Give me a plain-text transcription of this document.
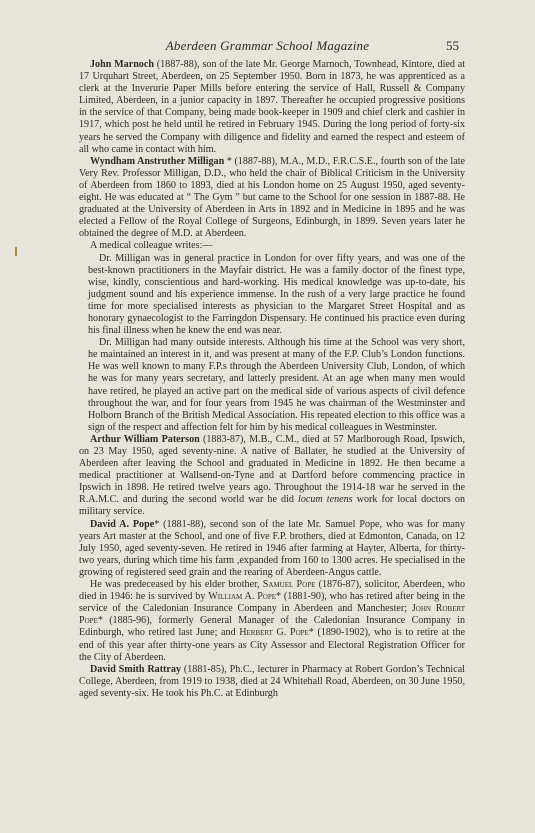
Aberdeen Grammar School Magazine	55

John Marnoch (1887-88), son of the late Mr. George Marnoch, Townhead, Kintore, died at 17 Urquhart Street, Aberdeen, on 25 September 1950. Born in 1873, he was apprenticed as a clerk at the Inverurie Paper Mills before entering the service of Hall, Russell & Company Limited, Aberdeen, in a junior capacity in 1897. Thereafter he occupied progressive positions in the service of that Company, being made book-keeper in 1909 and chief clerk and cashier in 1917, which post he held until he retired in February 1945. During the long period of forty-six years he served the Company with diligence and fidelity and earned the respect and esteem of all who came in contact with him.

Wyndham Anstruther Milligan * (1887-88), M.A., M.D., F.R.C.S.E., fourth son of the late Very Rev. Professor Milligan, D.D., who held the chair of Biblical Criticism in the University of Aberdeen from 1860 to 1893, died at his London home on 25 August 1950, aged seventy-eight. He was educated at “ The Gym ” but came to the School for one session in 1887-88. He graduated at the University of Aberdeen in Arts in 1892 and in Medicine in 1895 and he was elected a Fellow of the Royal College of Surgeons, Edinburgh, in 1899. Seven years later he obtained the degree of M.D. at Aberdeen.

A medical colleague writes:—

Dr. Milligan was in general practice in London for over fifty years, and was one of the best-known practitioners in the Mayfair district. He was a family doctor of the finest type, wise, kindly, conscientious and hard-working. His medical knowledge was up-to-date, his judgment sound and his experience immense. In the rush of a very large practice he found time for more specialised interests as physician to the Margaret Street Hospital and as honorary gynaecologist to the Farringdon Dispensary. He continued his practice even during his final illness when he knew the end was near.

Dr. Milligan had many outside interests. Although his time at the School was very short, he maintained an interest in it, and was present at many of the F.P. Club’s London functions. He was well known to many F.P.s through the Aberdeen University Club, London, of which he was for many years secretary, and latterly president. At an age when many men would have retired, he played an active part on the medical side of various aspects of civil defence throughout the war, and for four years from 1945 he was chairman of the Westminster and Holborn Branch of the British Medical Association. His repeated election to this office was a sign of the respect and affection felt for him by his medical colleagues in Westminster.

Arthur William Paterson (1883-87), M.B., C.M., died at 57 Marlborough Road, Ipswich, on 23 May 1950, aged seventy-nine. A native of Ballater, he studied at the University of Aberdeen after leaving the School and graduated in Medicine in 1892. He then became a medical practitioner at Wallsend-on-Tyne and at Dartford before commencing practice in Ipswich in 1898. He retired twelve years ago. Throughout the 1914-18 war he served in the R.A.M.C. and during the second world war he did locum tenens work for local doctors on military service.

David A. Pope* (1881-88), second son of the late Mr. Samuel Pope, who was for many years Art master at the School, and one of five F.P. brothers, died at Edmonton, Canada, on 12 July 1950, aged seventy-seven. He retired in 1946 after farming at Hayter, Alberta, for thirty-two years, during which time his farm ,expanded from 160 to 1300 acres. He specialised in the growing of registered seed grain and the rearing of Aberdeen-Angus cattle.

He was predeceased by his elder brother, Samuel Pope (1876-87), solicitor, Aberdeen, who died in 1946: he is survived by William A. Pope* (1881-90), who has retired after being in the service of the Caledonian Insurance Company in Aberdeen and Manchester; John Robert Pope* (1885-96), formerly General Manager of the Caledonian Insurance Company in Edinburgh, who retired last June; and Herbert G. Pope* (1890-1902), who is to retire at the end of this year after thirty-one years as City Assessor and Electoral Registration Officer for the City of Aberdeen.

David Smith Rattray (1881-85), Ph.C., lecturer in Pharmacy at Robert Gordon’s Technical College, Aberdeen, from 1919 to 1938, died at 24 Whitehall Road, Aberdeen, on 30 June 1950, aged seventy-six. He took his Ph.C. at Edinburgh
